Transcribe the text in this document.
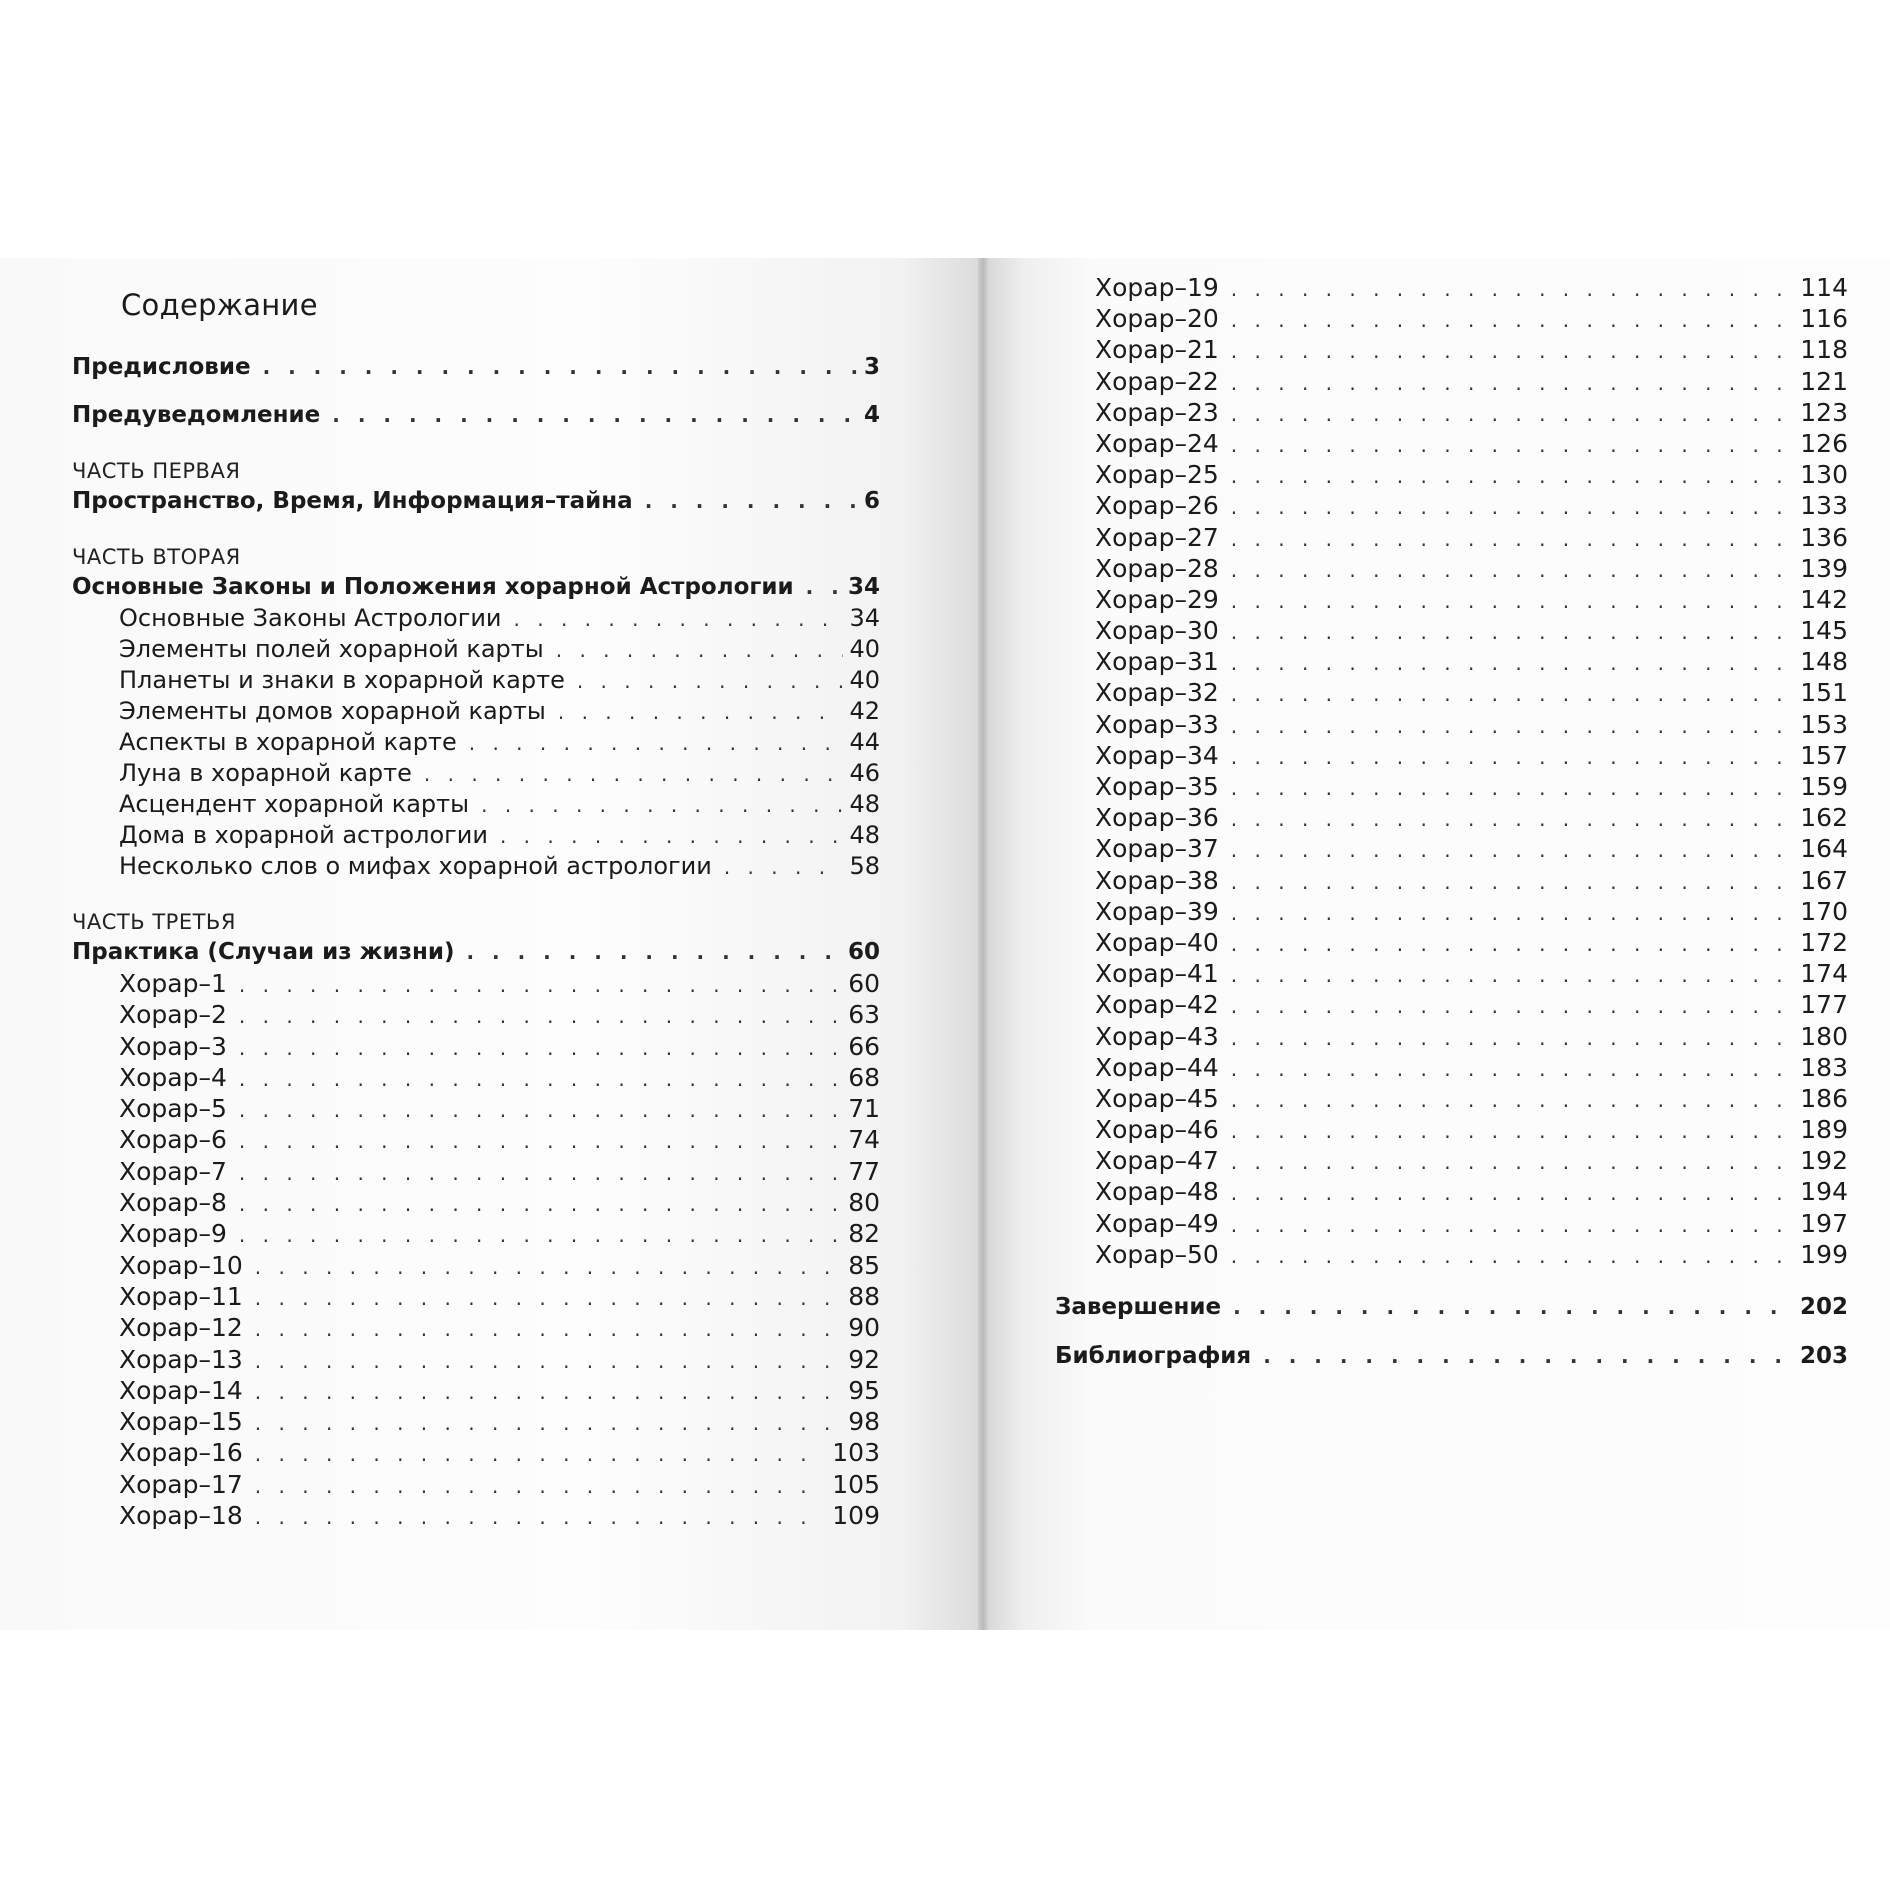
Содержание
Предисловие . . .	3
Предуведомление . . .	4
ЧАСТЬ ПЕРВАЯ
Пространство, Время, Информация–тайна . . .	6
ЧАСТЬ ВТОРАЯ
Основные Законы и Положения хорарной Астрологии . . . 34
Основные Законы Астрологии . . .	34
Элементы полей хорарной карты . . .	40
Планеты и знаки в хорарной карте . . .	40
Элементы домов хорарной карты . . .	42
Аспекты в хорарной карте . . .	44
Луна в хорарной карте . . .	46
Асцендент хорарной карты . . .	48
Дома в хорарной астрологии . . .	48
Несколько слов о мифах хорарной астрологии . . .	58
ЧАСТЬ ТРЕТЬЯ
Практика (Случаи из жизни) . . .	60
Хорар–1 . . .	60
Хорар–2 . . .	63
Хорар–3 . . .	66
Хорар–4 . . .	68
Хорар–5 . . .	71
Хорар–6 . . .	74
Хорар–7 . . .	77
Хорар–8 . . .	80
Хорар–9 . . .	82
Хорар–10 . . .	85
Хорар–11 . . .	88
Хорар–12 . . .	90
Хорар–13 . . .	92
Хорар–14 . . .	95
Хорар–15 . . .	98
Хорар–16 . . .	103
Хорар–17 . . .	105
Хорар–18 . . .	109
Хорар–19 . . .	114
Хорар–20 . . .	116
Хорар–21 . . .	118
Хорар–22 . . .	121
Хорар–23 . . .	123
Хорар–24 . . .	126
Хорар–25 . . .	130
Хорар–26 . . .	133
Хорар–27 . . .	136
Хорар–28 . . .	139
Хорар–29 . . .	142
Хорар–30 . . .	145
Хорар–31 . . .	148
Хорар–32 . . .	151
Хорар–33 . . .	153
Хорар–34 . . .	157
Хорар–35 . . .	159
Хорар–36 . . .	162
Хорар–37 . . .	164
Хорар–38 . . .	167
Хорар–39 . . .	170
Хорар–40 . . .	172
Хорар–41 . . .	174
Хорар–42 . . .	177
Хорар–43 . . .	180
Хорар–44 . . .	183
Хорар–45 . . .	186
Хорар–46 . . .	189
Хорар–47 . . .	192
Хорар–48 . . .	194
Хорар–49 . . .	197
Хорар–50 . . .	199
Завершение . . .	202
Библиография . . .	203
